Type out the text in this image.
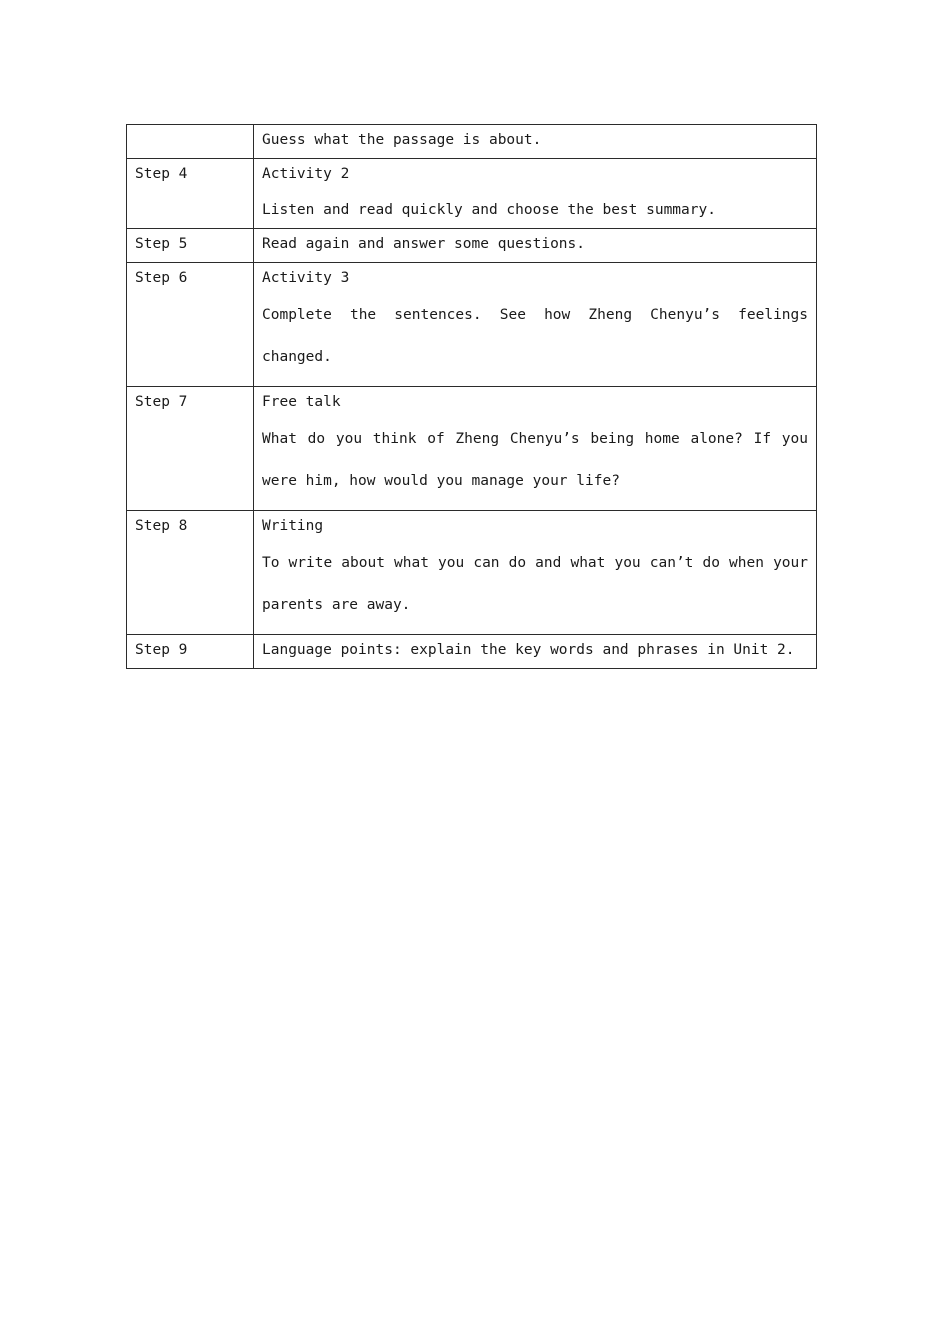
	Guess what the passage is about.

Step 4	Activity 2
Listen and read quickly and choose the best summary.

Step 5	Read again and answer some questions.

Step 6	Activity 3
Complete the sentences. See how Zheng Chenyu’s feelings changed.

Step 7	Free talk
What do you think of Zheng Chenyu’s being home alone? If you were him, how would you manage your life?

Step 8	Writing
To write about what you can do and what you can’t do when your parents are away.

Step 9	Language points: explain the key words and phrases in Unit 2.
